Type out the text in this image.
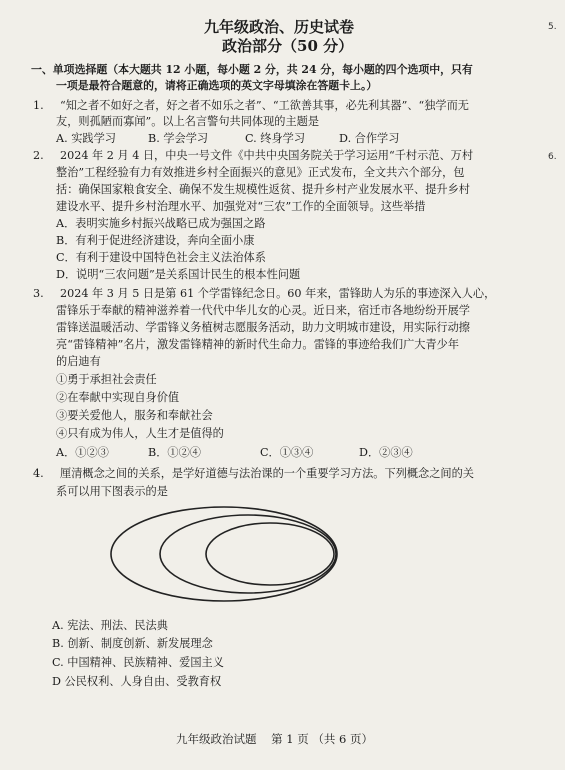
九年级政治、历史试卷
政治部分（50 分）
5.
6.
一、单项选择题（本大题共 12 小题，每小题 2 分，共 24 分，每小题的四个选项中，只有
一项是最符合题意的，请将正确选项的英文字母填涂在答题卡上。）
1. “知之者不如好之者，好之者不如乐之者”、“工欲善其事，必先利其器”、“独学而无
友，则孤陋而寡闻”。以上名言警句共同体现的主题是
A. 实践学习	B. 学会学习	C. 终身学习	D. 合作学习
2. 2024 年 2 月 4 日，中央一号文件《中共中央国务院关于学习运用“千村示范、万村
整治”工程经验有力有效推进乡村全面振兴的意见》正式发布，全文共六个部分，包
括：确保国家粮食安全、确保不发生规模性返贫、提升乡村产业发展水平、提升乡村
建设水平、提升乡村治理水平、加强党对“三农”工作的全面领导。这些举措
A．表明实施乡村振兴战略已成为强国之路
B．有利于促进经济建设，奔向全面小康
C．有利于建设中国特色社会主义法治体系
D．说明“三农问题”是关系国计民生的根本性问题
3. 2024 年 3 月 5 日是第 61 个学雷锋纪念日。60 年来，雷锋助人为乐的事迹深入人心，
雷锋乐于奉献的精神滋养着一代代中华儿女的心灵。近日来，宿迁市各地纷纷开展学
雷锋送温暖活动、学雷锋义务植树志愿服务活动，助力文明城市建设，用实际行动擦
亮“雷锋精神”名片，激发雷锋精神的新时代生命力。雷锋的事迹给我们广大青少年
的启迪有
①勇于承担社会责任
②在奉献中实现自身价值
③要关爱他人，服务和奉献社会
④只有成为伟人，人生才是值得的
A．①②③	B．①②④	C．①③④	D．②③④
4. 厘清概念之间的关系，是学好道德与法治课的一个重要学习方法。下列概念之间的关
系可以用下图表示的是
A. 宪法、刑法、民法典
B. 创新、制度创新、新发展理念
C. 中国精神、民族精神、爱国主义
D 公民权利、人身自由、受教育权
九年级政治试题    第 1 页 （共 6 页）
